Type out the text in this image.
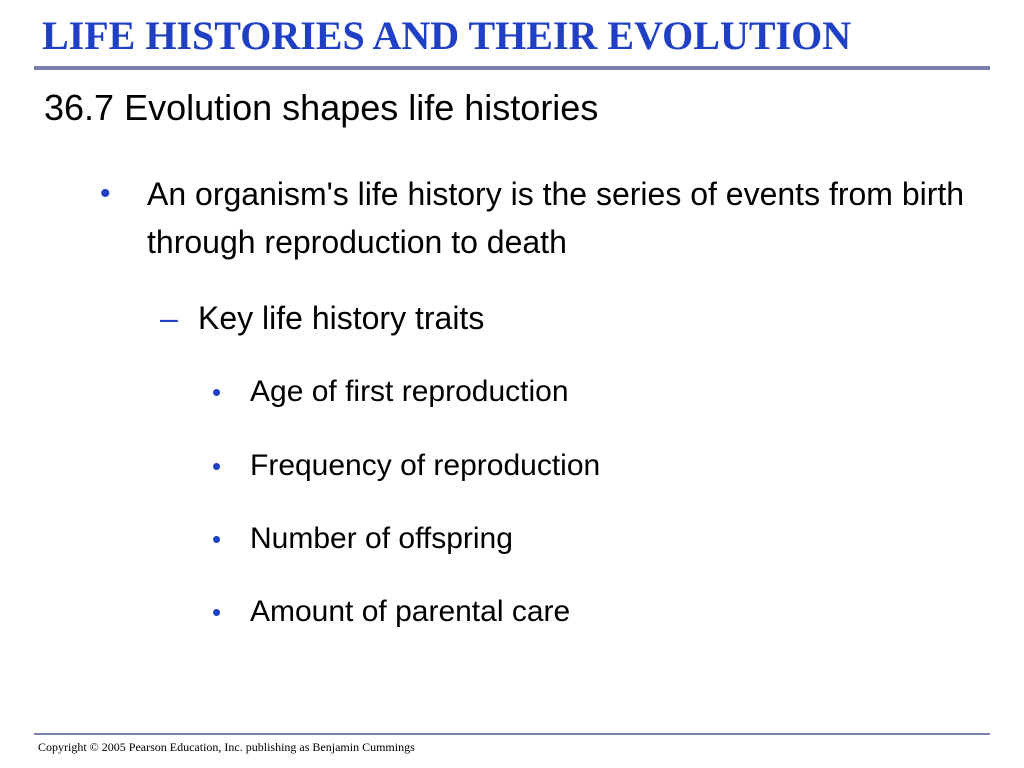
LIFE HISTORIES AND THEIR EVOLUTION
36.7 Evolution shapes life histories
• An organism's life history is the series of events from birth through reproduction to death
– Key life history traits
• Age of first reproduction
• Frequency of reproduction
• Number of offspring
• Amount of parental care
Copyright © 2005 Pearson Education, Inc. publishing as Benjamin Cummings
